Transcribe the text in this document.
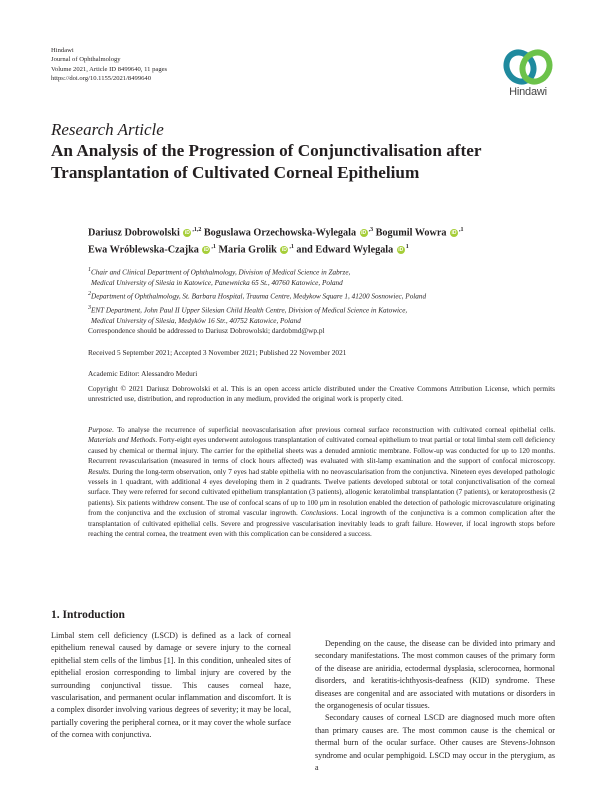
Hindawi
Journal of Ophthalmology
Volume 2021, Article ID 8499640, 11 pages
https://doi.org/10.1155/2021/8499640
Hindawi
Research Article
An Analysis of the Progression of Conjunctivalisation after Transplantation of Cultivated Corneal Epithelium
Dariusz Dobrowolski $iD^{,1,2}$ Boguslawa Orzechowska-Wylegala $iD^{,3}$ Bogumil Wowra $iD^{,1}$
Ewa Wróblewska-Czajka $iD^{,1}$ Maria Grolik $iD^{,1}$ and Edward Wylegala $iD^1$
$^1$Chair and Clinical Department of Ophthalmology, Division of Medical Science in Zabrze,
Medical University of Silesia in Katowice, Panewnicka 65 St., 40760 Katowice, Poland
$^2$Department of Ophthalmology, St. Barbara Hospital, Trauma Centre, Medykow Square 1, 41200 Sosnowiec, Poland
$^3$ENT Department, John Paul II Upper Silesian Child Health Centre, Division of Medical Science in Katowice,
Medical University of Silesia, Medyków 16 Str., 40752 Katowice, Poland
Correspondence should be addressed to Dariusz Dobrowolski; dardobmd@wp.pl
Received 5 September 2021; Accepted 3 November 2021; Published 22 November 2021
Academic Editor: Alessandro Meduri
Copyright © 2021 Dariusz Dobrowolski et al. This is an open access article distributed under the Creative Commons Attribution License, which permits unrestricted use, distribution, and reproduction in any medium, provided the original work is properly cited.
Purpose. To analyse the recurrence of superficial neovascularisation after previous corneal surface reconstruction with cultivated corneal epithelial cells. Materials and Methods. Forty-eight eyes underwent autologous transplantation of cultivated corneal epithelium to treat partial or total limbal stem cell deficiency caused by chemical or thermal injury. The carrier for the epithelial sheets was a denuded amniotic membrane. Follow-up was conducted for up to 120 months. Recurrent revascularisation (measured in terms of clock hours affected) was evaluated with slit-lamp examination and the support of confocal microscopy. Results. During the long-term observation, only 7 eyes had stable epithelia with no neovascularisation from the conjunctiva. Nineteen eyes developed pathologic vessels in 1 quadrant, with additional 4 eyes developing them in 2 quadrants. Twelve patients developed subtotal or total conjunctivalisation of the corneal surface. They were referred for second cultivated epithelium transplantation (3 patients), allogenic keratolimbal transplantation (7 patients), or keratoprosthesis (2 patients). Six patients withdrew consent. The use of confocal scans of up to 100 μm in resolution enabled the detection of pathologic microvasculature originating from the conjunctiva and the exclusion of stromal vascular ingrowth. Conclusions. Local ingrowth of the conjunctiva is a common complication after the transplantation of cultivated epithelial cells. Severe and progressive vascularisation inevitably leads to graft failure. However, if local ingrowth stops before reaching the central cornea, the treatment even with this complication can be considered a success.
1. Introduction

Limbal stem cell deficiency (LSCD) is defined as a lack of corneal epithelium renewal caused by damage or severe injury to the corneal epithelial stem cells of the limbus [1]. In this condition, unhealed sites of epithelial erosion corresponding to limbal injury are covered by the surrounding conjunctival tissue. This causes corneal haze, vascularisation, and permanent ocular inflammation and discomfort. It is a complex disorder involving various degrees of severity; it may be local, partially covering the peripheral cornea, or it may cover the whole surface of the cornea with conjunctiva.

Depending on the cause, the disease can be divided into primary and secondary manifestations. The most common causes of the primary form of the disease are aniridia, ectodermal dysplasia, sclerocornea, hormonal disorders, and keratitis-ichthyosis-deafness (KID) syndrome. These diseases are congenital and are associated with mutations or disorders in the organogenesis of ocular tissues.

Secondary causes of corneal LSCD are diagnosed much more often than primary causes are. The most common cause is the chemical or thermal burn of the ocular surface. Other causes are Stevens-Johnson syndrome and ocular pemphigoid. LSCD may occur in the pterygium, as a
